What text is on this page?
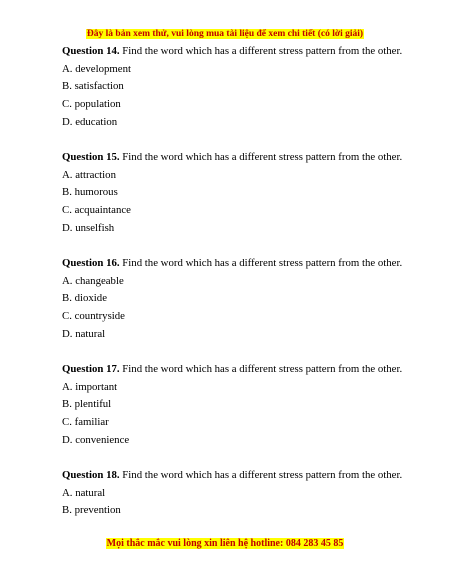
Đây là bản xem thử, vui lòng mua tài liệu để xem chi tiết (có lời giải)
Question 14. Find the word which has a different stress pattern from the other.
A. development
B. satisfaction
C. population
D. education
Question 15. Find the word which has a different stress pattern from the other.
A. attraction
B. humorous
C. acquaintance
D. unselfish
Question 16. Find the word which has a different stress pattern from the other.
A. changeable
B. dioxide
C. countryside
D. natural
Question 17. Find the word which has a different stress pattern from the other.
A. important
B. plentiful
C. familiar
D. convenience
Question 18. Find the word which has a different stress pattern from the other.
A. natural
B. prevention
Mọi thắc mắc vui lòng xin liên hệ hotline: 084 283 45 85
